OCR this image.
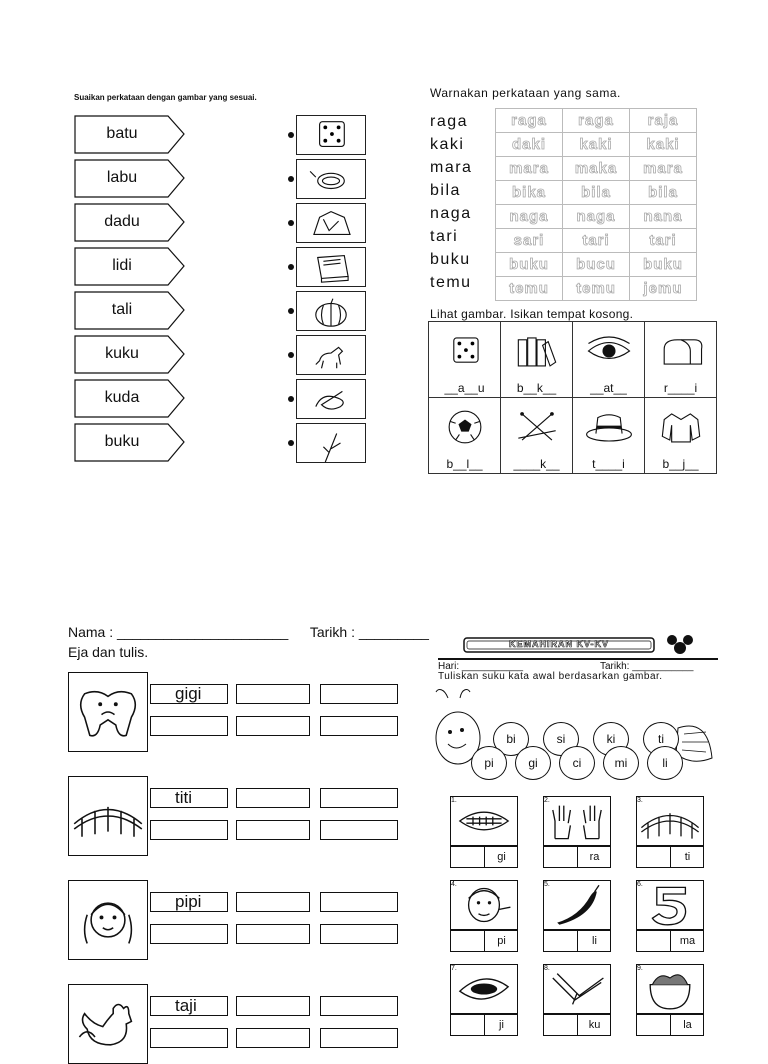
Suaikan perkataan dengan gambar yang sesuai.
batu
labu
dadu
lidi
tali
kuku
kuda
buku
Warnakan perkataan yang sama.
raga
kaki
mara
bila
naga
tari
buku
temu
raga	raga	raja
daki	kaki	kaki
mara	maka	mara
bika	bila	bila
naga	naga	nana
sari	tari	tari
buku	bucu	buku
temu	temu	jemu
Lihat gambar. Isikan tempat kosong.
__a__u	b__k__	__at__	r____i

b__l__	____k__	t____i	b__j__
Nama : ______________________ Tarikh : _________
Eja dan tulis.
gigi
titi
pipi
taji
KEMAHIRAN KV-KV
Hari: ___________	Tarikh: ___________
Tuliskan suku kata awal berdasarkan gambar.
bi	si	ki	ti
pi	gi	ci	mi	li
1.
gi
2.
ra
3.
ti
4.
pi
5.
li
6.
ma
7.
ji
8.
ku
9.
la
